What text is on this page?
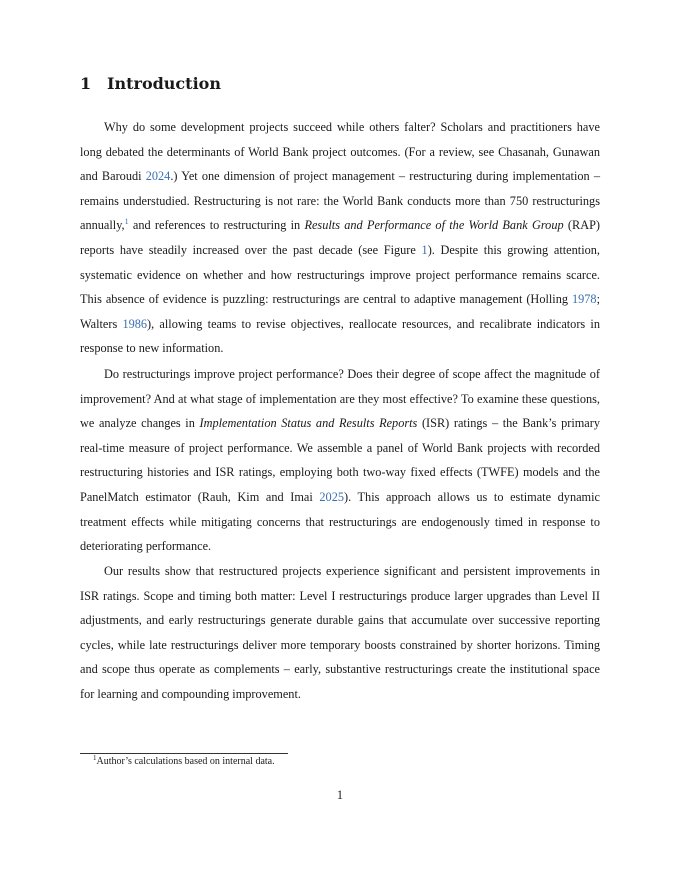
1 Introduction

Why do some development projects succeed while others falter? Scholars and practitioners have long debated the determinants of World Bank project outcomes. (For a review, see Chasanah, Gunawan and Baroudi 2024.) Yet one dimension of project management – restructuring during implementation – remains understudied. Restructuring is not rare: the World Bank conducts more than 750 restructurings annually,$^1$ and references to restructuring in Results and Performance of the World Bank Group (RAP) reports have steadily increased over the past decade (see Figure 1). Despite this growing attention, systematic evidence on whether and how restructurings improve project performance remains scarce. This absence of evidence is puzzling: restructurings are central to adaptive management (Holling 1978; Walters 1986), allowing teams to revise objectives, reallocate resources, and recalibrate indicators in response to new information.

Do restructurings improve project performance? Does their degree of scope affect the magnitude of improvement? And at what stage of implementation are they most effective? To examine these questions, we analyze changes in Implementation Status and Results Reports (ISR) ratings – the Bank’s primary real-time measure of project performance. We assemble a panel of World Bank projects with recorded restructuring histories and ISR ratings, employing both two-way fixed effects (TWFE) models and the PanelMatch estimator (Rauh, Kim and Imai 2025). This approach allows us to estimate dynamic treatment effects while mitigating concerns that restructurings are endogenously timed in response to deteriorating performance.

Our results show that restructured projects experience significant and persistent improvements in ISR ratings. Scope and timing both matter: Level I restructurings produce larger upgrades than Level II adjustments, and early restructurings generate durable gains that accumulate over successive reporting cycles, while late restructurings deliver more temporary boosts constrained by shorter horizons. Timing and scope thus operate as complements – early, substantive restructurings create the institutional space for learning and compounding improvement.

$^1$Author’s calculations based on internal data.

1
